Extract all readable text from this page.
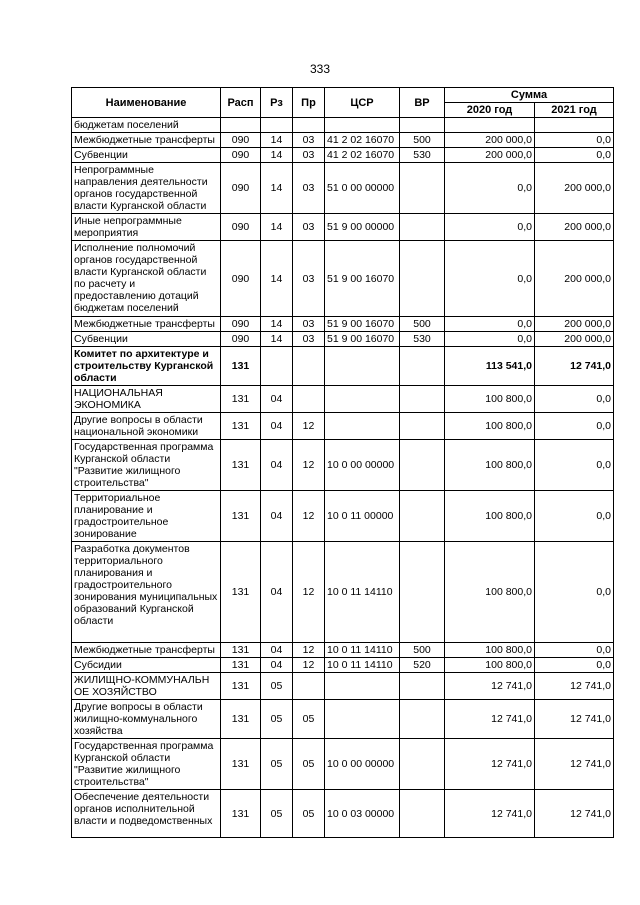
333
Наименование	Расп	Рз	Пр	ЦСР	ВР	Сумма	
						2020 год	2021 год
бюджетам поселений							
Межбюджетные трансферты	090	14	03	41 2 02 16070	500	200 000,0	0,0
Субвенции	090	14	03	41 2 02 16070	530	200 000,0	0,0
Непрограммные направления деятельности органов государственной власти Курганской области	090	14	03	51 0 00 00000		0,0	200 000,0
Иные непрограммные мероприятия	090	14	03	51 9 00 00000		0,0	200 000,0
Исполнение полномочий органов государственной власти Курганской области по расчету и предоставлению дотаций бюджетам поселений	090	14	03	51 9 00 16070		0,0	200 000,0
Межбюджетные трансферты	090	14	03	51 9 00 16070	500	0,0	200 000,0
Субвенции	090	14	03	51 9 00 16070	530	0,0	200 000,0
Комитет по архитектуре и строительству Курганской области	131					113 541,0	12 741,0
НАЦИОНАЛЬНАЯ ЭКОНОМИКА	131	04				100 800,0	0,0
Другие вопросы в области национальной экономики	131	04	12			100 800,0	0,0
Государственная программа Курганской области "Развитие жилищного строительства"	131	04	12	10 0 00 00000		100 800,0	0,0
Территориальное планирование и градостроительное зонирование	131	04	12	10 0 11 00000		100 800,0	0,0
Разработка документов территориального планирования и градостроительного зонирования муниципальных образований Курганской области	131	04	12	10 0 11 14110		100 800,0	0,0
Межбюджетные трансферты	131	04	12	10 0 11 14110	500	100 800,0	0,0
Субсидии	131	04	12	10 0 11 14110	520	100 800,0	0,0
ЖИЛИЩНО-КОММУНАЛЬН ОЕ ХОЗЯЙСТВО	131	05				12 741,0	12 741,0
Другие вопросы в области жилищно-коммунального хозяйства	131	05	05			12 741,0	12 741,0
Государственная программа Курганской области "Развитие жилищного строительства"	131	05	05	10 0 00 00000		12 741,0	12 741,0
Обеспечение деятельности органов исполнительной власти и подведомственных	131	05	05	10 0 03 00000		12 741,0	12 741,0
